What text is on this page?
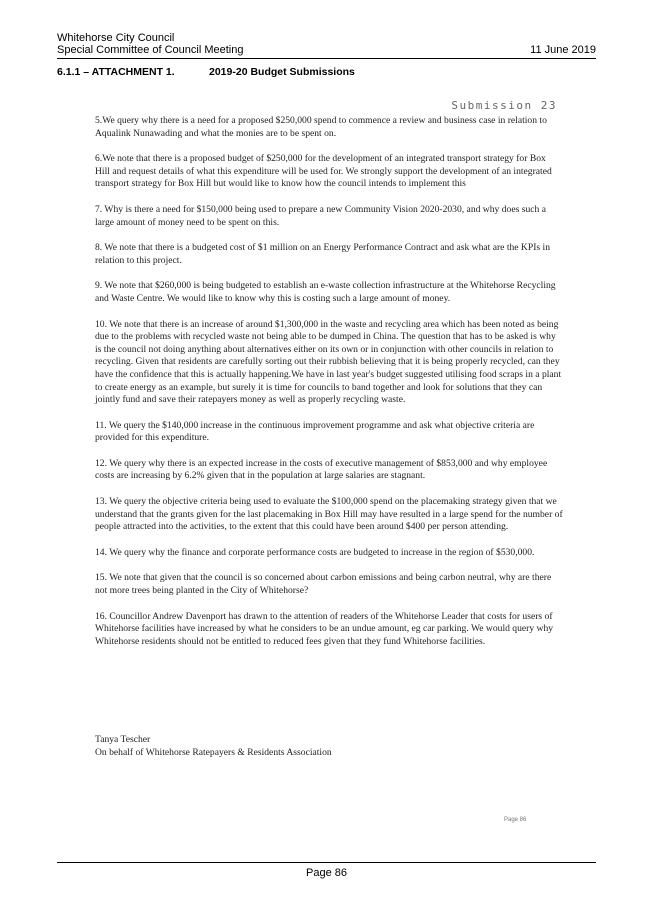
Whitehorse City Council
Special Committee of Council Meeting	11 June 2019
6.1.1 – ATTACHMENT 1.	2019-20 Budget Submissions
Submission 23

5.We query why there is a need for a proposed $250,000 spend to commence a review and business case in relation to Aqualink Nunawading and what the monies are to be spent on.

6.We note that there is a proposed budget of $250,000 for the development of an integrated transport strategy for Box Hill and request details of what this expenditure will be used for. We strongly support the development of an integrated transport strategy for Box Hill but would like to know how the council intends to implement this

7. Why is there a need for $150,000 being used to prepare a new Community Vision 2020-2030, and why does such a large amount of money need to be spent on this.

8. We note that there is a budgeted cost of $1 million on an Energy Performance Contract and ask what are the KPIs in relation to this project.

9. We note that $260,000 is being budgeted to establish an e-waste collection infrastructure at the Whitehorse Recycling and Waste Centre. We would like to know why this is costing such a large amount of money.

10. We note that there is an increase of around $1,300,000 in the waste and recycling area which has been noted as being due to the problems with recycled waste not being able to be dumped in China. The question that has to be asked is why is the council not doing anything about alternatives either on its own or in conjunction with other councils in relation to recycling. Given that residents are carefully sorting out their rubbish believing that it is being properly recycled, can they have the confidence that this is actually happening.We have in last year's budget suggested utilising food scraps in a plant to create energy as an example, but surely it is time for councils to band together and look for solutions that they can jointly fund and save their ratepayers money as well as properly recycling waste.

11. We query the $140,000 increase in the continuous improvement programme and ask what objective criteria are provided for this expenditure.

12. We query why there is an expected increase in the costs of executive management of $853,000 and why employee costs are increasing by 6.2% given that in the population at large salaries are stagnant.

13. We query the objective criteria being used to evaluate the $100,000 spend on the placemaking strategy given that we understand that the grants given for the last placemaking in Box Hill may have resulted in a large spend for the number of people attracted into the activities, to the extent that this could have been around $400 per person attending.

14. We query why the finance and corporate performance costs are budgeted to increase in the region of $530,000.

15. We note that given that the council is so concerned about carbon emissions and being carbon neutral, why are there not more trees being planted in the City of Whitehorse?

16. Councillor Andrew Davenport has drawn to the attention of readers of the Whitehorse Leader that costs for users of Whitehorse facilities have increased by what he considers to be an undue amount, eg car parking. We would query why Whitehorse residents should not be entitled to reduced fees given that they fund Whitehorse facilities.

Tanya Tescher
On behalf of Whitehorse Ratepayers & Residents Association
Page 86
Page 86
